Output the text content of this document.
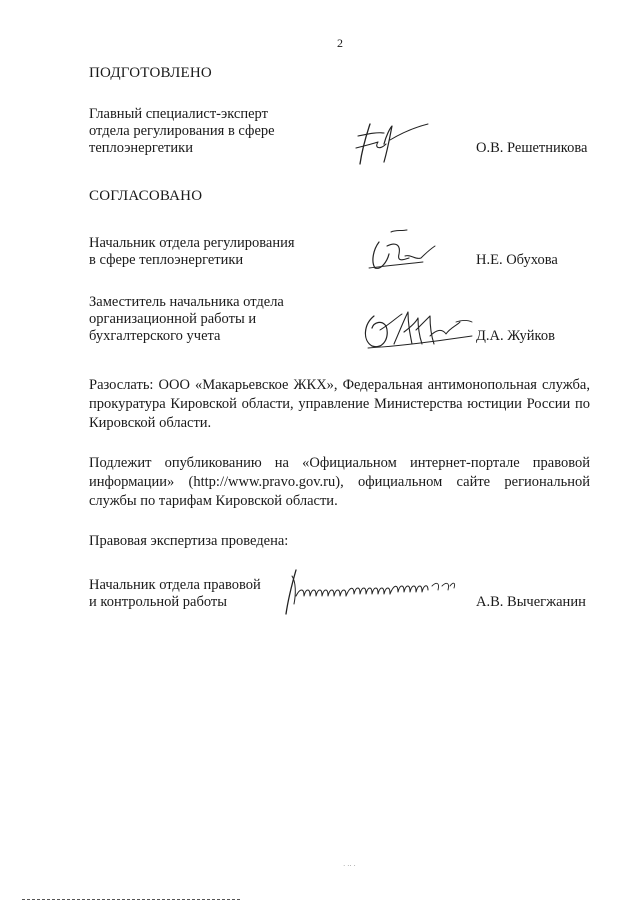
2
ПОДГОТОВЛЕНО
Главный специалист-эксперт
отдела регулирования в сфере
теплоэнергетики	О.В. Решетникова
СОГЛАСОВАНО
Начальник отдела регулирования
в сфере теплоэнергетики	Н.Е. Обухова
Заместитель начальника отдела
организационной работы и
бухгалтерского учета	Д.А. Жуйков
Разослать: ООО «Макарьевское ЖКХ», Федеральная антимонопольная служба, прокуратура Кировской области, управление Министерства юстиции России по Кировской области.
Подлежит опубликованию на «Официальном интернет-портале правовой информации» (http://www.pravo.gov.ru), официальном сайте региональной службы по тарифам Кировской области.
Правовая экспертиза проведена:
Начальник отдела правовой
и контрольной работы	А.В. Вычегжанин
· ·· ·
